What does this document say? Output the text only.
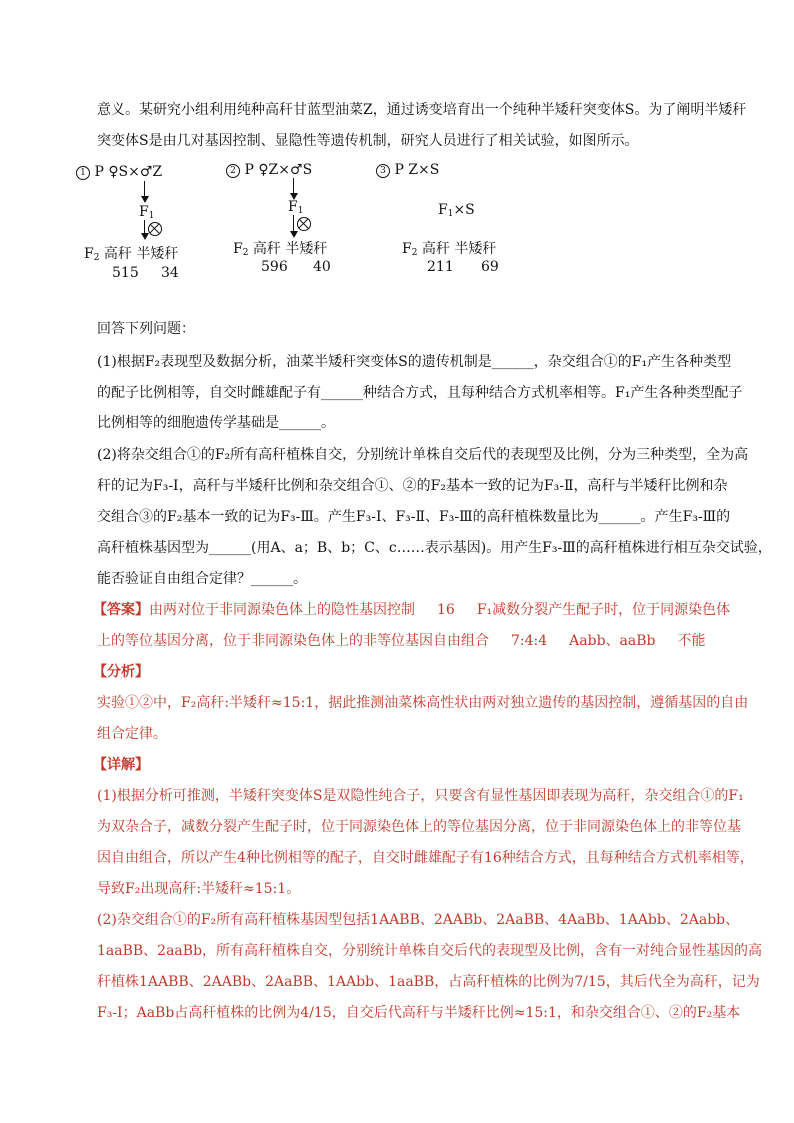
意义。某研究小组利用纯种高秆甘蓝型油菜Z，通过诱变培育出一个纯种半矮秆突变体S。为了阐明半矮秆
突变体S是由几对基因控制、显隐性等遗传机制，研究人员进行了相关试验，如图所示。
1 P ♀S×♂Z
$F_1$
$F_2$ 高秆 半矮秆
515 34
2 P ♀Z×♂S
$F_1$
$F_2$ 高秆 半矮秆
596 40
3 P Z×S
$F_1\times S$
$F_2$ 高秆 半矮秆
211 69
回答下列问题：
(1)根据F₂表现型及数据分析，油菜半矮秆突变体S的遗传机制是______，杂交组合①的F₁产生各种类型
的配子比例相等，自交时雌雄配子有______种结合方式，且每种结合方式机率相等。F₁产生各种类型配子
比例相等的细胞遗传学基础是______。
(2)将杂交组合①的F₂所有高秆植株自交，分别统计单株自交后代的表现型及比例，分为三种类型，全为高
秆的记为F₃-Ⅰ，高秆与半矮秆比例和杂交组合①、②的F₂基本一致的记为F₃-Ⅱ，高秆与半矮秆比例和杂
交组合③的F₂基本一致的记为F₃-Ⅲ。产生F₃-Ⅰ、F₃-Ⅱ、F₃-Ⅲ的高秆植株数量比为______。产生F₃-Ⅲ的
高秆植株基因型为______(用A、a；B、b；C、c……表示基因)。用产生F₃-Ⅲ的高秆植株进行相互杂交试验，
能否验证自由组合定律？______。
【答案】由两对位于非同源染色体上的隐性基因控制 16 F₁减数分裂产生配子时，位于同源染色体
上的等位基因分离，位于非同源染色体上的非等位基因自由组合 7:4:4 Aabb、aaBb 不能
【分析】
实验①②中，F₂高秆:半矮秆≈15:1，据此推测油菜株高性状由两对独立遗传的基因控制，遵循基因的自由
组合定律。
【详解】
(1)根据分析可推测，半矮秆突变体S是双隐性纯合子，只要含有显性基因即表现为高秆，杂交组合①的F₁
为双杂合子，减数分裂产生配子时，位于同源染色体上的等位基因分离，位于非同源染色体上的非等位基
因自由组合，所以产生4种比例相等的配子，自交时雌雄配子有16种结合方式，且每种结合方式机率相等，
导致F₂出现高秆:半矮秆≈15:1。
(2)杂交组合①的F₂所有高秆植株基因型包括1AABB、2AABb、2AaBB、4AaBb、1AAbb、2Aabb、
1aaBB、2aaBb，所有高秆植株自交，分别统计单株自交后代的表现型及比例，含有一对纯合显性基因的高
秆植株1AABB、2AABb、2AaBB、1AAbb、1aaBB，占高秆植株的比例为7/15，其后代全为高秆，记为
F₃-Ⅰ；AaBb占高秆植株的比例为4/15，自交后代高秆与半矮秆比例≈15:1，和杂交组合①、②的F₂基本
